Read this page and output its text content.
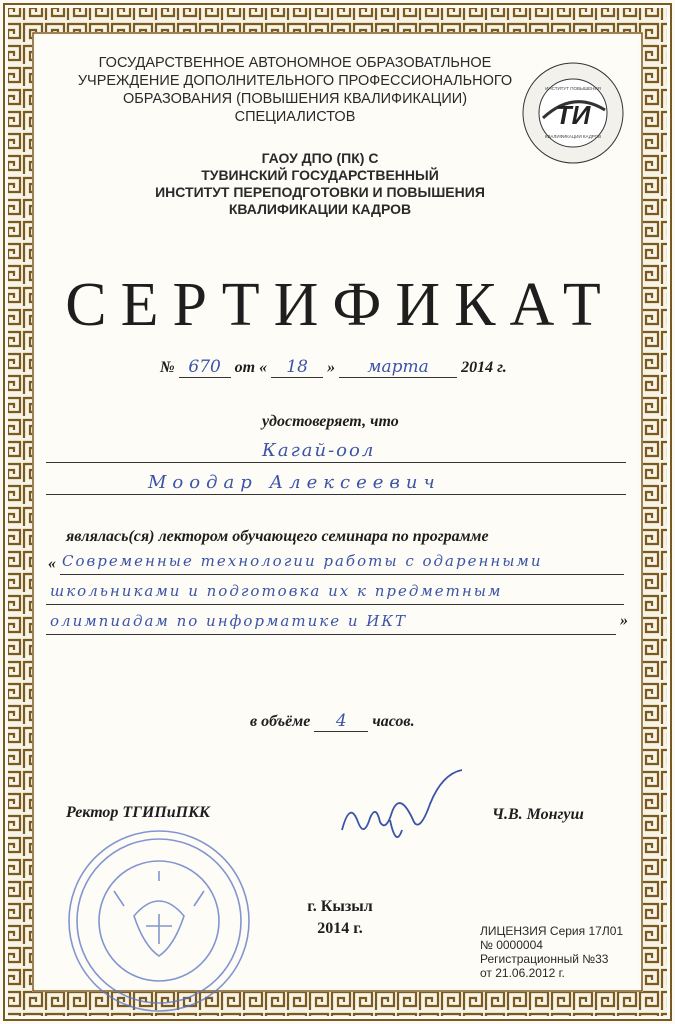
ГОСУДАРСТВЕННОЕ АВТОНОМНОЕ ОБРАЗОВАТЛЬНОЕ
УЧРЕЖДЕНИЕ ДОПОЛНИТЕЛЬНОГО ПРОФЕССИОНАЛЬНОГО
ОБРАЗОВАНИЯ (ПОВЫШЕНИЯ КВАЛИФИКАЦИИ)
СПЕЦИАЛИСТОВ	ТИ
ИНСТИТУТ ПОВЫШЕНИЯ
КВАЛИФИКАЦИИ КАДРОВ
ГАОУ ДПО (ПК) С
ТУВИНСКИЙ ГОСУДАРСТВЕННЫЙ
ИНСТИТУТ ПЕРЕПОДГОТОВКИ И ПОВЫШЕНИЯ
КВАЛИФИКАЦИИ КАДРОВ
СЕРТИФИКАТ
№ 670 от « 18 » марта 2014 г.
удостоверяет, что
Кагай-оол
Моодар Алексеевич
являлась(ся) лектором обучающего семинара по программе
« Современные технологии работы с одаренными
школьниками и подготовка их к предметным
олимпиадам по информатике и ИКТ	»
в объёме 4 часов.
Ректор ТГИПиПКК	Ч.В. Монгуш
г. Кызыл
2014 г.	ЛИЦЕНЗИЯ Серия 17Л01
№ 0000004
Регистрационный №33
от 21.06.2012 г.
